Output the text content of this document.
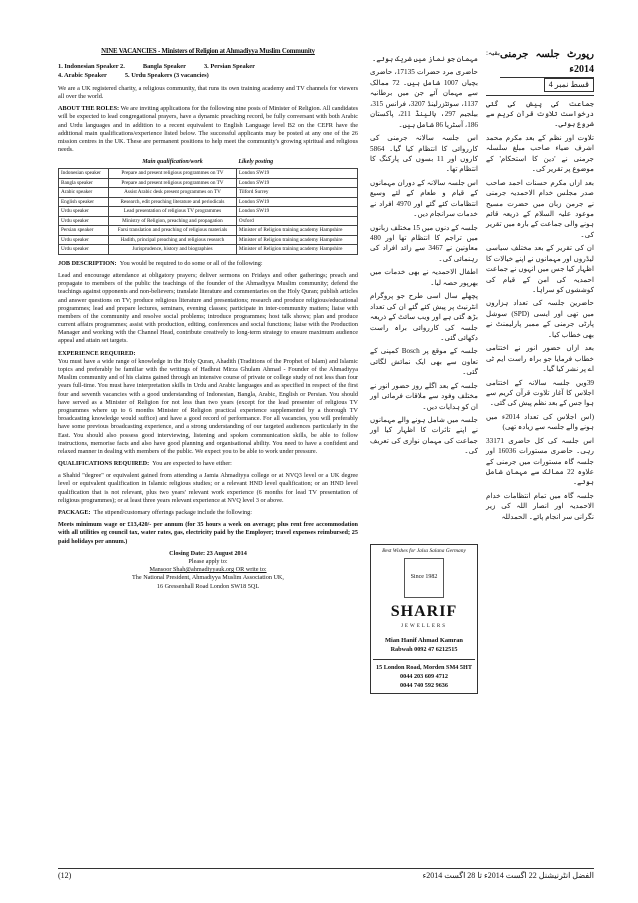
NINE VACANCIES - Ministers of Religion at Ahmadiyya Muslim Community
1. Indonesian Speaker 2.	Bangla Speaker	3. Persian Speaker
4. Arabic Speaker	5. Urdu Speakers (3 vacancies)
We are a UK registered charity, a religious community, that runs its own training academy and TV channels for viewers all over the world.
ABOUT THE ROLES: We are inviting applications for the following nine posts of Minister of Religion. All candidates will be expected to lead congregational prayers, have a dynamic preaching record, be fully conversant with both Arabic and Urdu languages and in addition to a recent equivalent to English Language level B2 on the CEFR have the additional main qualifications/experience listed below. The successful applicants may be posted at any one of the 26 mission centres in the UK. These are permanent positions to help meet the community's growing spiritual and religious needs.
	Main qualification/work	Likely posting
Indonesian speaker	Prepare and present religious programmes on TV	London SW19
Bangla speaker	Prepare and present religious programmes on TV	London SW19
Arabic speaker	Assist Arabic desk present programmes on TV	Tilford Surrey
English speaker	Research, edit preaching literature and periodicals	London SW19
Urdu speaker	Lead presentation of religious TV programmes	London SW19
Urdu speaker	Ministry of Religion, preaching and propagation	Oxford
Persian speaker	Farsi translation and preaching of religious materials	Minister of Religion training academy Hampshire
Urdu speaker	Hadith, principal preaching and religious research	Minister of Religion training academy Hampshire
Urdu speaker	Jurisprudence, history and biographies	Minister of Religion training academy Hampshire
JOB DESCRIPTION: You would be required to do some or all of the following:
Lead and encourage attendance at obligatory prayers; deliver sermons on Fridays and other gatherings; preach and propagate to members of the public the teachings of the founder of the Ahmadiyya Muslim community; defend the teachings against opponents and non-believers; translate literature and commentaries on the Holy Quran; publish articles and answer questions on TV; produce religious literature and presentations; research and produce religious/educational programmes; lead and prepare lectures, seminars, evening classes; participate in inter-community matters; liaise with members of the community and resolve social problems; introduce programmes; host talk shows; plan and produce current affairs programmes; assist with production, editing, conferences and social functions; liaise with the Production Manager and working with the Channel Head, contribute creatively to long-term strategy to ensure maximum audience appeal and attain set targets.
EXPERIENCE REQUIRED:
You must have a wide range of knowledge in the Holy Quran, Ahadith (Traditions of the Prophet of Islam) and Islamic topics and preferably be familiar with the writings of Hadhrat Mirza Ghulam Ahmad - Founder of the Ahmadiyya Muslim community and of his claims gained through an intensive course of private or college study of not less than four years full-time. You must have interpretation skills in Urdu and Arabic languages and as specified in respect of the first four and seventh vacancies with a good understanding of Indonesian, Bangla, Arabic, English or Persian. You should have served as a Minister of Religion for not less than two years (except for the lead presenter of religious TV programmes where up to 6 months Minister of Religion practical experience supplemented by a thorough TV broadcasting knowledge would suffice) and have a good record of performance. For all vacancies, you will preferably have some previous broadcasting experience, and a strong understanding of our targeted audiences particularly in the East. You should also possess good interviewing, listening and spoken communication skills, be able to follow instructions, memorise facts and also have good planning and organisational ability. You need to have a confident and relaxed manner in dealing with members of the public. We expect you to be able to work under pressure.
QUALIFICATIONS REQUIRED: You are expected to have either:
a Shahid "degree" or equivalent gained from attending a Jamia Ahmadiyya college or at NVQ3 level or a UK degree level or equivalent qualification in Islamic religious studies; or a relevant HND level qualification; or an HND level qualification that is not relevant, plus two years' relevant work experience (6 months for lead TV presentation of religious programmes); or at least three years relevant experience at NVQ level 3 or above.
PACKAGE: The stipend/customary offerings package include the following:
Meets minimum wage or £13,420/- per annum (for 35 hours a week on average; plus rent free accommodation with all utilities eg council tax, water rates, gas, electricity paid by the Employer; travel expenses reimbursed; 25 paid holidays per annum.)
Closing Date: 23 August 2014
Please apply to:
Mansoor Shah@ahmadiyyauk.org OR write to:
The National President, Ahmadiyya Muslim Association UK,
16 Gressenhall Road London SW18 5QL
رپورٹ جلسہ جرمنی 2014ء
قسط نمبر 4
بقیہ:

جماعت کی پیش کی گئی درخواست تلاوت قرآن کریم سے شروع ہوئی۔

تلاوت اور نظم کے بعد مکرم محمد اشرف ضیاء صاحب مبلغ سلسلہ جرمنی نے 'دین کا استحکام' کے موضوع پر تقریر کی۔

بعد ازاں مکرم حسنات احمد صاحب صدر مجلس خدام الاحمدیہ جرمنی نے جرمن زبان میں حضرت مسیح موعود علیہ السلام کے ذریعہ قائم ہونے والی جماعت کے بارہ میں تقریر کی۔

ان کی تقریر کے بعد مختلف سیاسی لیڈروں اور مہمانوں نے اپنے خیالات کا اظہار کیا جس میں انہوں نے جماعت احمدیہ کی امن کے قیام کی کوششوں کو سراہا۔

حاضرین جلسہ کی تعداد ہزاروں میں تھی اور ایسی (SPD) سوشل پارٹی جرمنی کے ممبر پارلیمنٹ نے بھی خطاب کیا۔

بعد ازاں حضور انور نے اختتامی خطاب فرمایا جو براہ راست ایم ٹی اے پر نشر کیا گیا۔

39ویں جلسہ سالانہ کے اختتامی اجلاس کا آغاز تلاوت قرآن کریم سے ہوا جس کے بعد نظم پیش کی گئی۔

(اس اجلاس کی تعداد 2014ء میں ہونے والے جلسہ سے زیادہ تھی)

اس جلسہ کی کل حاضری 33171 رہی۔ حاضری مستورات 16036 اور جلسہ گاہ مستورات میں جرمنی کے علاوہ 22 ممالک سے مہمان شامل ہوئے۔

جلسہ گاہ میں تمام انتظامات خدام الاحمدیہ اور انصار اللہ کی زیر نگرانی سر انجام پائے۔ الحمدللہ

مہمان جو نماز میں شریک ہوئے۔

حاضری مرد حضرات 17135، حاضری بچیاں 1007 شامل ہیں۔ 72 ممالک سے مہمان آئے جن میں برطانیہ 1137، سوئٹزرلینڈ 3207، فرانس 315، بیلجیم 297، ہالینڈ 211، پاکستان 186، آسٹریا 86 شامل ہیں۔

اس جلسہ سالانہ جرمنی کی کارروائی کا انتظام کیا گیا۔ 5864 کاروں اور 11 بسوں کی پارکنگ کا انتظام تھا۔

اس جلسہ سالانہ کے دوران مہمانوں کے قیام و طعام کے لئے وسیع انتظامات کئے گئے اور 4970 افراد نے خدمات سرانجام دیں۔

جلسہ کے دنوں میں 15 مختلف زبانوں میں تراجم کا انتظام تھا اور 480 معاونین نے 3467 سے زائد افراد کی رہنمائی کی۔

اطفال الاحمدیہ نے بھی خدمات میں بھرپور حصہ لیا۔

پچھلے سال اسی طرح جو پروگرام انٹرنیٹ پر پیش کئے گئے ان کی تعداد بڑھ گئی ہے اور ویب سائٹ کے ذریعہ جلسہ کی کارروائی براہ راست دکھائی گئی۔

جلسہ کے موقع پر Bosch کمپنی کے تعاون سے بھی ایک نمائش لگائی گئی۔

جلسہ کے بعد اگلے روز حضور انور نے مختلف وفود سے ملاقات فرمائی اور ان کو ہدایات دیں۔

جلسہ میں شامل ہونے والے مہمانوں نے اپنے تاثرات کا اظہار کیا اور جماعت کی مہمان نوازی کی تعریف کی۔

Best Wishes for Jalsa Salana Germany
Since 1982
SHARIF
JEWELLERS
Mian Hanif Ahmad Kamran
Rabwah 0092 47 6212515
15 London Road, Morden SM4 5HT
0044 203 609 4712
0044 740 592 9636
(12)	الفضل انٹرنیشنل 22 اگست 2014ء تا 28 اگست 2014ء
